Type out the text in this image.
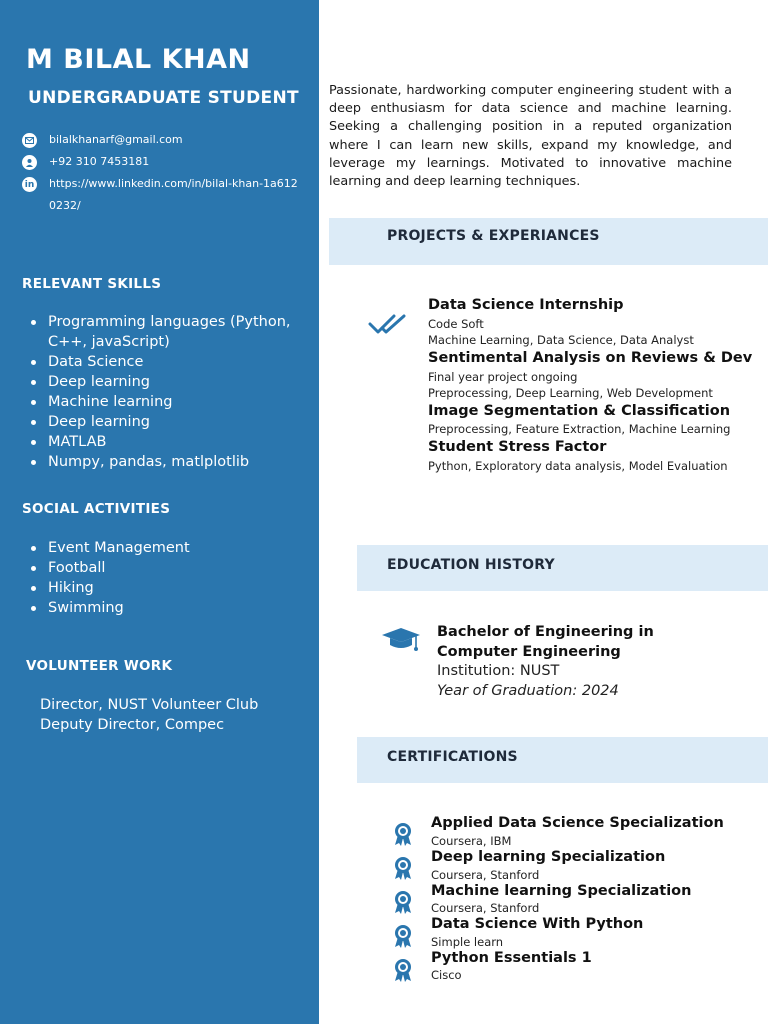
M BILAL KHAN
UNDERGRADUATE STUDENT
bilalkhanarf@gmail.com
+92 310 7453181
in https://www.linkedin.com/in/bilal-khan-1a6120232/
RELEVANT SKILLS
Programming languages (Python, C++, javaScript)
Data Science
Deep learning
Machine learning
Deep learning
MATLAB
Numpy, pandas, matlplotlib
SOCIAL ACTIVITIES
Event Management
Football
Hiking
Swimming
VOLUNTEER WORK
Director, NUST Volunteer Club
Deputy Director, Compec
Passionate, hardworking computer engineering student with a deep enthusiasm for data science and machine learning. Seeking a challenging position in a reputed organization where I can learn new skills, expand my knowledge, and leverage my learnings. Motivated to innovative machine learning and deep learning techniques.
PROJECTS & EXPERIANCES
Data Science Internship
Code Soft
Machine Learning, Data Science, Data Analyst
Sentimental Analysis on Reviews & Dev
Final year project ongoing
Preprocessing, Deep Learning, Web Development
Image Segmentation & Classification
Preprocessing, Feature Extraction, Machine Learning
Student Stress Factor
Python, Exploratory data analysis, Model Evaluation
EDUCATION HISTORY
Bachelor of Engineering in Computer Engineering
Institution: NUST
Year of Graduation: 2024
CERTIFICATIONS
Applied Data Science Specialization
Coursera, IBM
Deep learning Specialization
Coursera, Stanford
Machine learning Specialization
Coursera, Stanford
Data Science With Python
Simple learn
Python Essentials 1
Cisco
